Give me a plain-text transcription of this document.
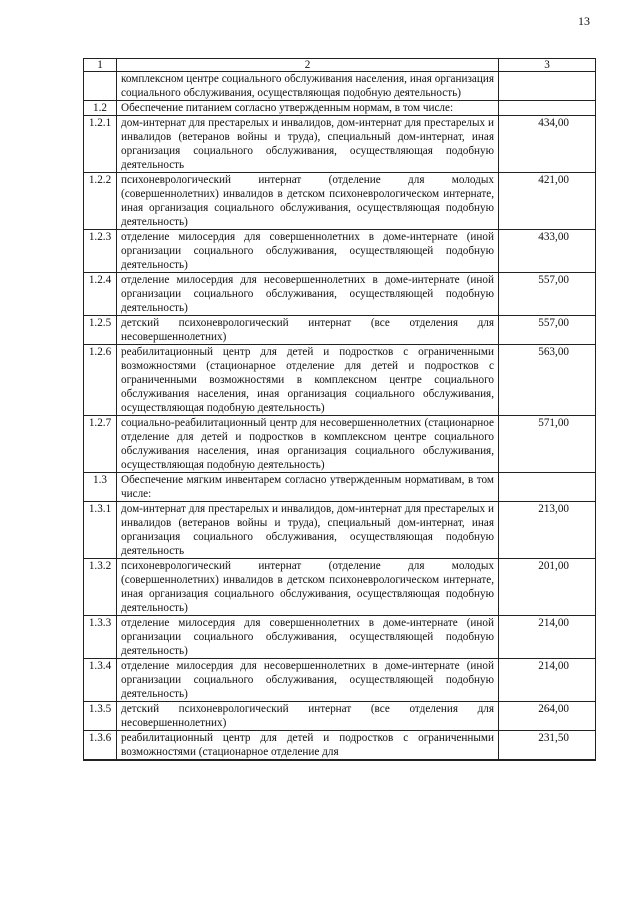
13
1	2	3
	комплексном центре социального обслуживания населения, иная организация социального обслуживания, осуществляющая подобную деятельность)	
1.2	Обеспечение питанием согласно утвержденным нормам, в том числе:	
1.2.1	дом-интернат для престарелых и инвалидов, дом-интернат для престарелых и инвалидов (ветеранов войны и труда), специальный дом-интернат, иная организация социального обслуживания, осуществляющая подобную деятельность	434,00
1.2.2	психоневрологический интернат (отделение для молодых (совершеннолетних) инвалидов в детском психоневрологическом интернате, иная организация социального обслуживания, осуществляющая подобную деятельность)	421,00
1.2.3	отделение милосердия для совершеннолетних в доме-интернате (иной организации социального обслуживания, осуществляющей подобную деятельность)	433,00
1.2.4	отделение милосердия для несовершеннолетних в доме-интернате (иной организации социального обслуживания, осуществляющей подобную деятельность)	557,00
1.2.5	детский психоневрологический интернат (все отделения для несовершеннолетних)	557,00
1.2.6	реабилитационный центр для детей и подростков с ограниченными возможностями (стационарное отделение для детей и подростков с ограниченными возможностями в комплексном центре социального обслуживания населения, иная организация социального обслуживания, осуществляющая подобную деятельность)	563,00
1.2.7	социально-реабилитационный центр для несовершеннолетних (стационарное отделение для детей и подростков в комплексном центре социального обслуживания населения, иная организация социального обслуживания, осуществляющая подобную деятельность)	571,00
1.3	Обеспечение мягким инвентарем согласно утвержденным нормативам, в том числе:	
1.3.1	дом-интернат для престарелых и инвалидов, дом-интернат для престарелых и инвалидов (ветеранов войны и труда), специальный дом-интернат, иная организация социального обслуживания, осуществляющая подобную деятельность	213,00
1.3.2	психоневрологический интернат (отделение для молодых (совершеннолетних) инвалидов в детском психоневрологическом интернате, иная организация социального обслуживания, осуществляющая подобную деятельность)	201,00
1.3.3	отделение милосердия для совершеннолетних в доме-интернате (иной организации социального обслуживания, осуществляющей подобную деятельность)	214,00
1.3.4	отделение милосердия для несовершеннолетних в доме-интернате (иной организации социального обслуживания, осуществляющей подобную деятельность)	214,00
1.3.5	детский психоневрологический интернат (все отделения для несовершеннолетних)	264,00
1.3.6	реабилитационный центр для детей и подростков с ограниченными возможностями (стационарное отделение для	231,50
